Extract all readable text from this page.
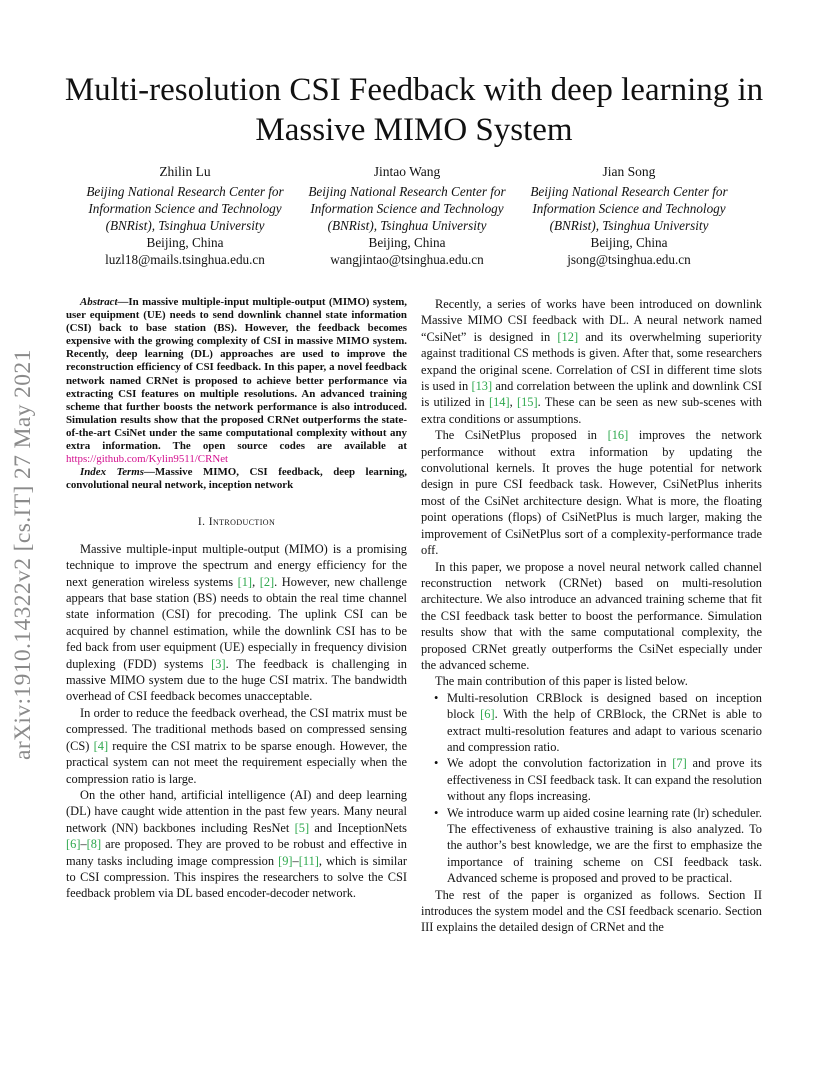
Multi-resolution CSI Feedback with deep learning in Massive MIMO System
Zhilin Lu
Beijing National Research Center for
Information Science and Technology
(BNRist), Tsinghua University
Beijing, China
luzl18@mails.tsinghua.edu.cn
Jintao Wang
Beijing National Research Center for
Information Science and Technology
(BNRist), Tsinghua University
Beijing, China
wangjintao@tsinghua.edu.cn
Jian Song
Beijing National Research Center for
Information Science and Technology
(BNRist), Tsinghua University
Beijing, China
jsong@tsinghua.edu.cn
arXiv:1910.14322v2 [cs.IT] 27 May 2021

Abstract—In massive multiple-input multiple-output (MIMO) system, user equipment (UE) needs to send downlink channel state information (CSI) back to base station (BS). However, the feedback becomes expensive with the growing complexity of CSI in massive MIMO system. Recently, deep learning (DL) approaches are used to improve the reconstruction efficiency of CSI feedback. In this paper, a novel feedback network named CRNet is proposed to achieve better performance via extracting CSI features on multiple resolutions. An advanced training scheme that further boosts the network performance is also introduced. Simulation results show that the proposed CRNet outperforms the state-of-the-art CsiNet under the same computational complexity without any extra information. The open source codes are available at https://github.com/Kylin9511/CRNet

Index Terms—Massive MIMO, CSI feedback, deep learning, convolutional neural network, inception network

I. Introduction

Massive multiple-input multiple-output (MIMO) is a promising technique to improve the spectrum and energy efficiency for the next generation wireless systems [1], [2]. However, new challenge appears that base station (BS) needs to obtain the real time channel state information (CSI) for precoding. The uplink CSI can be acquired by channel estimation, while the downlink CSI has to be fed back from user equipment (UE) especially in frequency division duplexing (FDD) systems [3]. The feedback is challenging in massive MIMO system due to the huge CSI matrix. The bandwidth overhead of CSI feedback becomes unacceptable.

In order to reduce the feedback overhead, the CSI matrix must be compressed. The traditional methods based on compressed sensing (CS) [4] require the CSI matrix to be sparse enough. However, the practical system can not meet the requirement especially when the compression ratio is large.

On the other hand, artificial intelligence (AI) and deep learning (DL) have caught wide attention in the past few years. Many neural network (NN) backbones including ResNet [5] and InceptionNets [6]–[8] are proposed. They are proved to be robust and effective in many tasks including image compression [9]–[11], which is similar to CSI compression. This inspires the researchers to solve the CSI feedback problem via DL based encoder-decoder network.

Recently, a series of works have been introduced on downlink Massive MIMO CSI feedback with DL. A neural network named “CsiNet” is designed in [12] and its overwhelming superiority against traditional CS methods is given. After that, some researchers expand the original scene. Correlation of CSI in different time slots is used in [13] and correlation between the uplink and downlink CSI is utilized in [14], [15]. These can be seen as new sub-scenes with extra conditions or assumptions.

The CsiNetPlus proposed in [16] improves the network performance without extra information by updating the convolutional kernels. It proves the huge potential for network design in pure CSI feedback task. However, CsiNetPlus inherits most of the CsiNet architecture design. What is more, the floating point operations (flops) of CsiNetPlus is much larger, making the improvement of CsiNetPlus sort of a complexity-performance trade off.

In this paper, we propose a novel neural network called channel reconstruction network (CRNet) based on multi-resolution architecture. We also introduce an advanced training scheme that fit the CSI feedback task better to boost the performance. Simulation results show that with the same computational complexity, the proposed CRNet greatly outperforms the CsiNet especially under the advanced scheme.

The main contribution of this paper is listed below.

• Multi-resolution CRBlock is designed based on inception block [6]. With the help of CRBlock, the CRNet is able to extract multi-resolution features and adapt to various scenario and compression ratio.
• We adopt the convolution factorization in [7] and prove its effectiveness in CSI feedback task. It can expand the resolution without any flops increasing.
• We introduce warm up aided cosine learning rate (lr) scheduler. The effectiveness of exhaustive training is also analyzed. To the author’s best knowledge, we are the first to emphasize the importance of training scheme on CSI feedback task. Advanced scheme is proposed and proved to be practical.

The rest of the paper is organized as follows. Section II introduces the system model and the CSI feedback scenario. Section III explains the detailed design of CRNet and the
